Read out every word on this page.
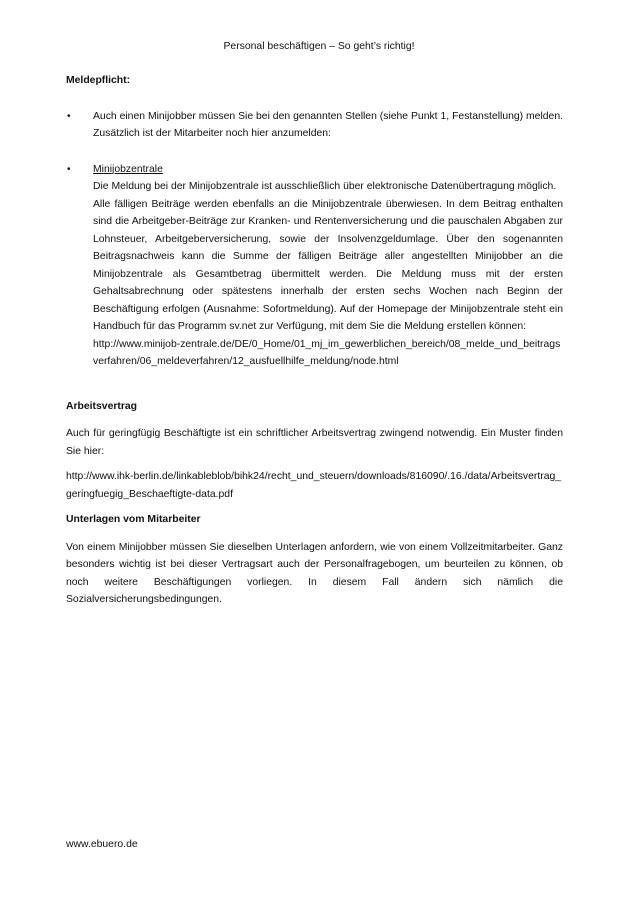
Personal beschäftigen – So geht’s richtig!
Meldepflicht:
• Auch einen Minijobber müssen Sie bei den genannten Stellen (siehe Punkt 1, Festanstellung) melden. Zusätzlich ist der Mitarbeiter noch hier anzumelden:
• Minijobzentrale
Die Meldung bei der Minijobzentrale ist ausschließlich über elektronische Datenübertragung möglich.
Alle fälligen Beiträge werden ebenfalls an die Minijobzentrale überwiesen. In dem Beitrag enthalten sind die Arbeitgeber-Beiträge zur Kranken- und Rentenversicherung und die pauschalen Abgaben zur Lohnsteuer, Arbeitgeberversicherung, sowie der Insolvenzgeldumlage. Über den sogenannten Beitragsnachweis kann die Summe der fälligen Beiträge aller angestellten Minijobber an die Minijobzentrale als Gesamtbetrag übermittelt werden. Die Meldung muss mit der ersten Gehaltsabrechnung oder spätestens innerhalb der ersten sechs Wochen nach Beginn der Beschäftigung erfolgen (Ausnahme: Sofortmeldung). Auf der Homepage der Minijobzentrale steht ein Handbuch für das Programm sv.net zur Verfügung, mit dem Sie die Meldung erstellen können:
http://www.minijob-zentrale.de/DE/0_Home/01_mj_im_gewerblichen_bereich/08_melde_und_beitragsverfahren/06_meldeverfahren/12_ausfuellhilfe_meldung/node.html
Arbeitsvertrag

Auch für geringfügig Beschäftigte ist ein schriftlicher Arbeitsvertrag zwingend notwendig. Ein Muster finden Sie hier:

http://www.ihk-berlin.de/linkableblob/bihk24/recht_und_steuern/downloads/816090/.16./data/Arbeitsvertrag_geringfuegig_Beschaeftigte-data.pdf

Unterlagen vom Mitarbeiter

Von einem Minijobber müssen Sie dieselben Unterlagen anfordern, wie von einem Vollzeitmitarbeiter. Ganz besonders wichtig ist bei dieser Vertragsart auch der Personalfragebogen, um beurteilen zu können, ob noch weitere Beschäftigungen vorliegen. In diesem Fall ändern sich nämlich die Sozialversicherungsbedingungen.

www.ebuero.de
